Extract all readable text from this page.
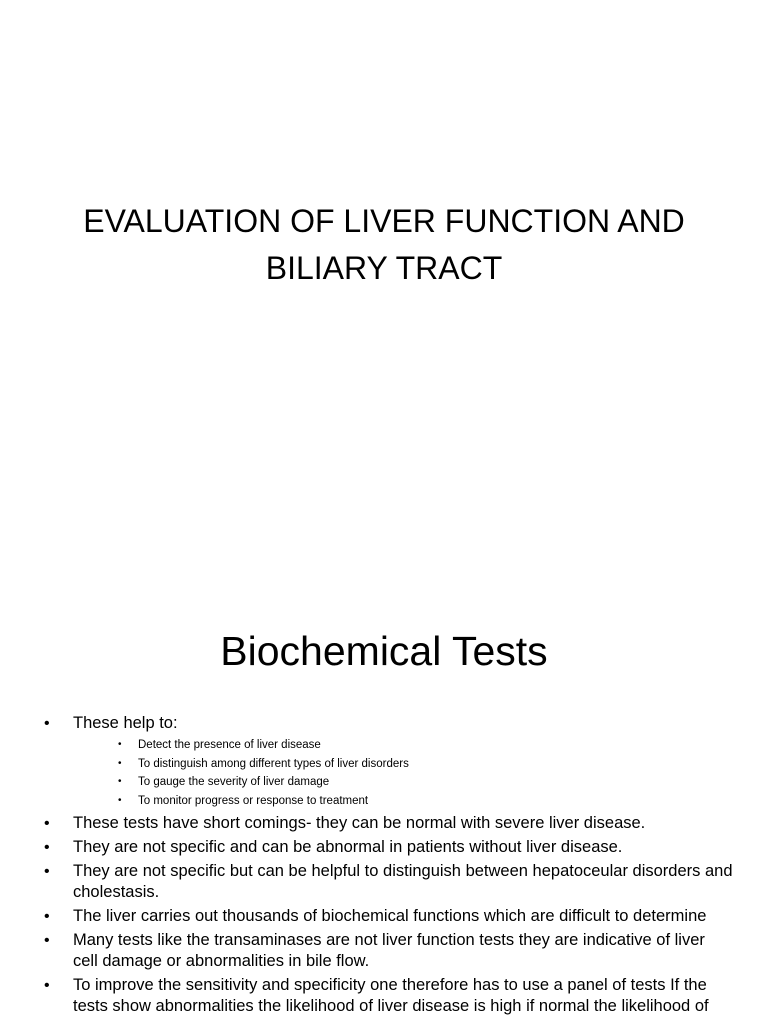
EVALUATION OF LIVER FUNCTION AND BILIARY TRACT
Biochemical Tests
• These help to:
• Detect the presence of liver disease
• To distinguish among different types of liver disorders
• To gauge the severity of liver damage
• To monitor progress or response to treatment
• These tests have short comings- they can be normal with severe liver disease.
• They are not specific and can be abnormal in patients without liver disease.
• They are not specific but can be helpful to distinguish between hepatoceular disorders and cholestasis.
• The liver carries out thousands of biochemical functions which are difficult to determine
• Many tests like the transaminases are not liver function tests they are indicative of liver cell damage or abnormalities in bile flow.
• To improve the sensitivity and specificity one therefore has to use a panel of tests If the tests show abnormalities the likelihood of liver disease is high if normal the likelihood of
